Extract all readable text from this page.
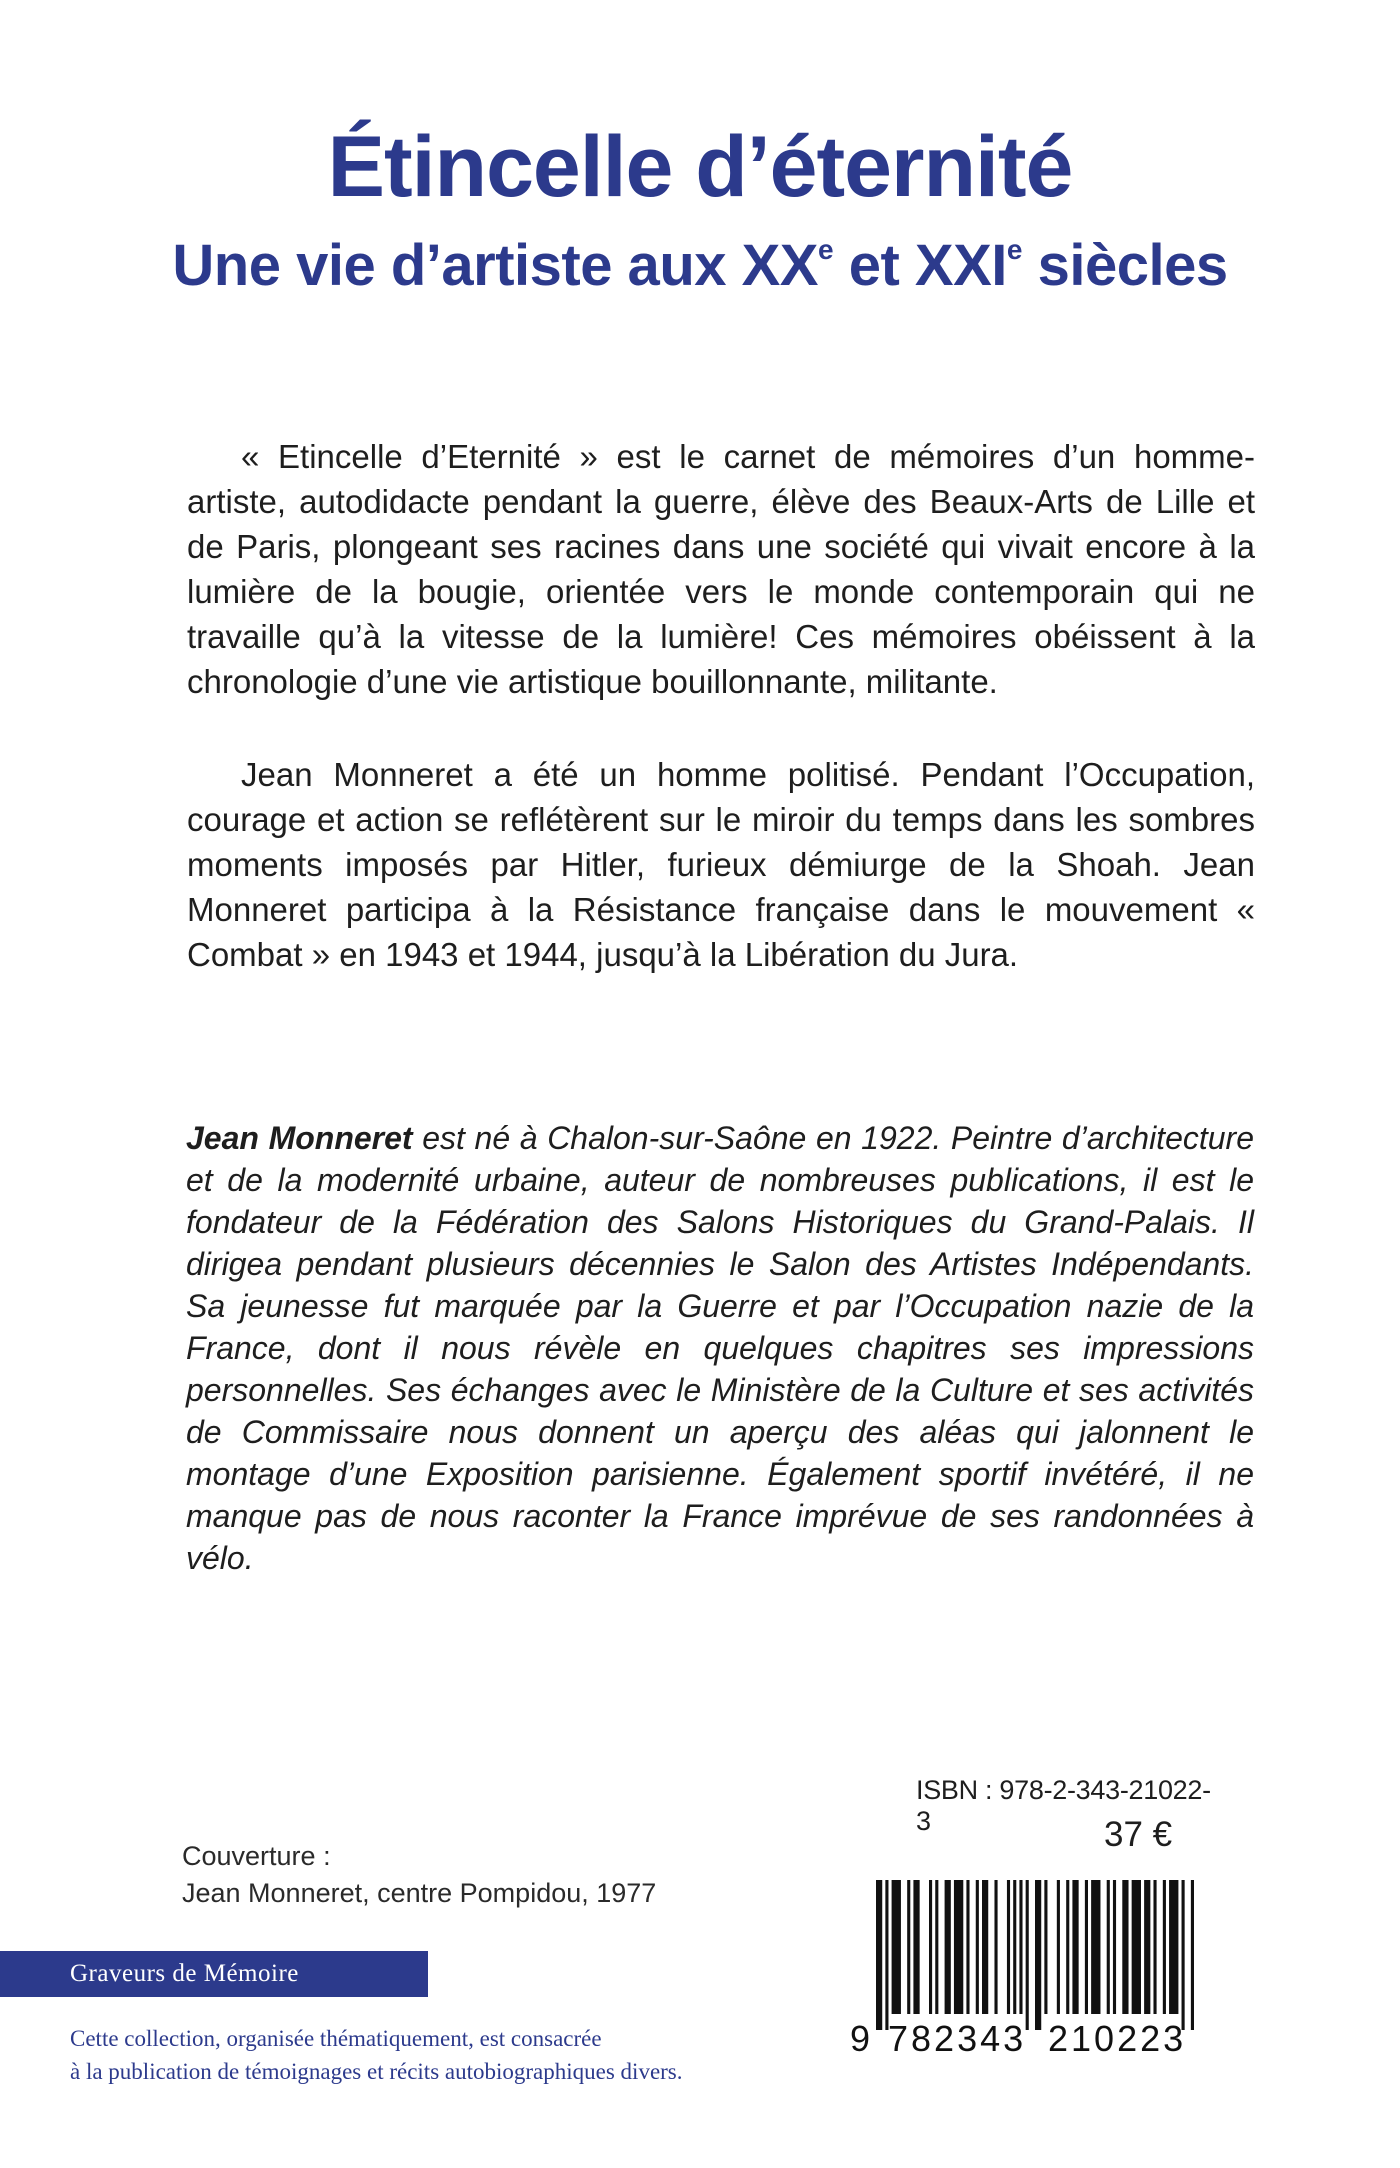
Étincelle d’éternité
Une vie d’artiste aux XXe et XXIe siècles

« Etincelle d’Eternité » est le carnet de mémoires d’un homme-artiste, autodidacte pendant la guerre, élève des Beaux-Arts de Lille et de Paris, plongeant ses racines dans une société qui vivait encore à la lumière de la bougie, orientée vers le monde contemporain qui ne travaille qu’à la vitesse de la lumière! Ces mémoires obéissent à la chronologie d’une vie artistique bouillonnante, militante.

Jean Monneret a été un homme politisé. Pendant l’Occupation, courage et action se reflétèrent sur le miroir du temps dans les sombres moments imposés par Hitler, furieux démiurge de la Shoah. Jean Monneret participa à la Résistance française dans le mouvement « Combat » en 1943 et 1944, jusqu’à la Libération du Jura.

Jean Monneret est né à Chalon-sur-Saône en 1922. Peintre d’architecture et de la modernité urbaine, auteur de nombreuses publications, il est le fondateur de la Fédération des Salons Historiques du Grand-Palais. Il dirigea pendant plusieurs décennies le Salon des Artistes Indépendants. Sa jeunesse fut marquée par la Guerre et par l’Occupation nazie de la France, dont il nous révèle en quelques chapitres ses impressions personnelles. Ses échanges avec le Ministère de la Culture et ses activités de Commissaire nous donnent un aperçu des aléas qui jalonnent le montage d’une Exposition parisienne. Également sportif invétéré, il ne manque pas de nous raconter la France imprévue de ses randonnées à vélo.

ISBN : 978-2-343-21022-3	37 €
Couverture :
Jean Monneret, centre Pompidou, 1977
9 782343 210223
Graveurs de Mémoire
Cette collection, organisée thématiquement, est consacrée
à la publication de témoignages et récits autobiographiques divers.
